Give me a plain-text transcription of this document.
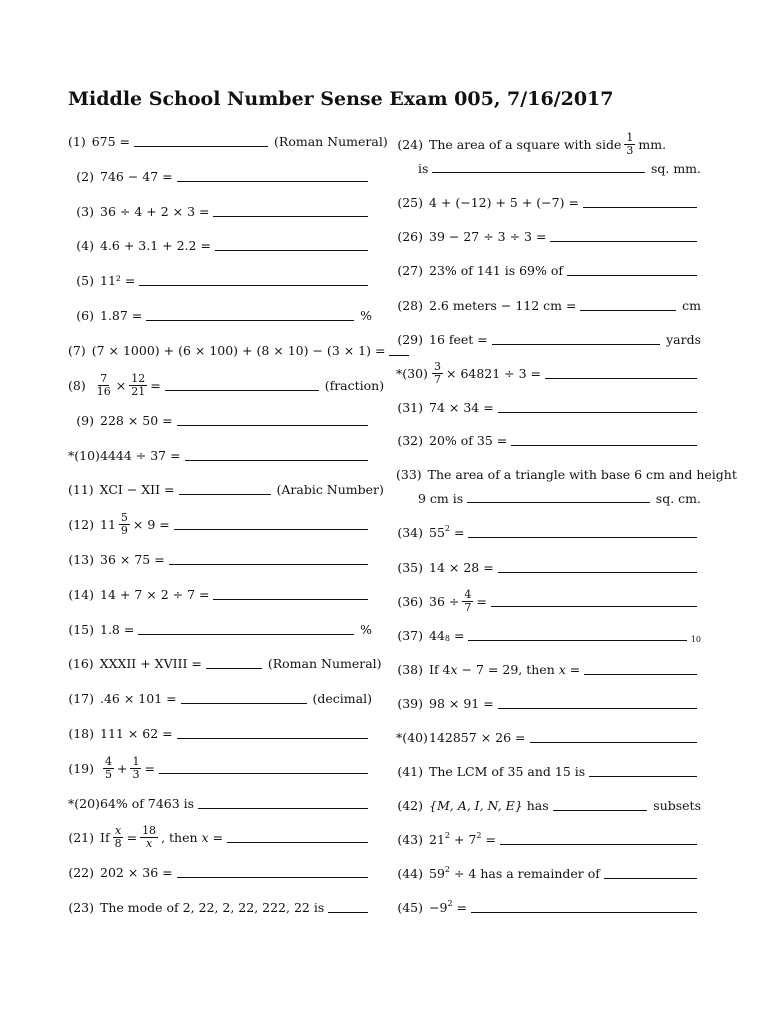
Middle School Number Sense Exam 005, 7/16/2017
(1) 675 =	(Roman Numeral)
(2) 746 − 47 =
(3) 36 ÷ 4 + 2 × 3 =
(4) 4.6 + 3.1 + 2.2 =
(5) 11² =
(6) 1.87 =	%
(7) (7 × 1000) + (6 × 100) + (8 × 10) − (3 × 1) =
$(8) \frac{7}{16} \times \frac{12}{21}$ =	(fraction)
(9) 228 × 50 =
*(10) 4444 ÷ 37 =
(11) XCI − XII =	(Arabic Number)
(12) $11 \frac{5}{9} \times 9$ =
(13) 36 × 75 =
(14) 14 + 7 × 2 ÷ 7 =
(15) 1.8 =	%
(16) XXXII + XVIII =	(Roman Numeral)
(17) .46 × 101 =	(decimal)
(18) 111 × 62 =
$(19) \frac{4}{5} + \frac{1}{3}$ =
*(20) 64% of 7463 is
(21) If $\frac{x}{8} = \frac{18}{x}$ , then
x
=
(22) 202 × 36 =
(23) The mode of 2, 22, 2, 22, 222, 22 is
(24) The area of a square with side $\frac{1}{3}$ mm.
is	sq. mm.
(25) 4 + (−12) + 5 + (−7) =
(26) 39 − 27 ÷ 3 ÷ 3 =
(27) 23% of 141 is 69% of
(28) 2.6 meters − 112 cm =	cm
(29) 16 feet =	yards
$*(30) \frac{3}{7} \times 64821 \div 3$ =
(31) 74 × 34 =
(32) 20% of 35 =
(33) The area of a triangle with base 6 cm and height
9 cm is	sq. cm.
(34) $55^2$
=
(35) 14 × 28 =
(36) $36 \div \frac{4}{7}$ =
(37) $44_8$
=	10
(38) If 4 x
− 7 = 29, then
x
=
(39) 98 × 91 =
*(40) 142857 × 26 =
(41) The LCM of 35 and 15 is
(42) {M, A, I, N, E}
has	subsets
(43) $21^2$
+
$7^2$
=
(44) $59^2$
÷ 4 has a remainder of
$(45) -9^2$
=
